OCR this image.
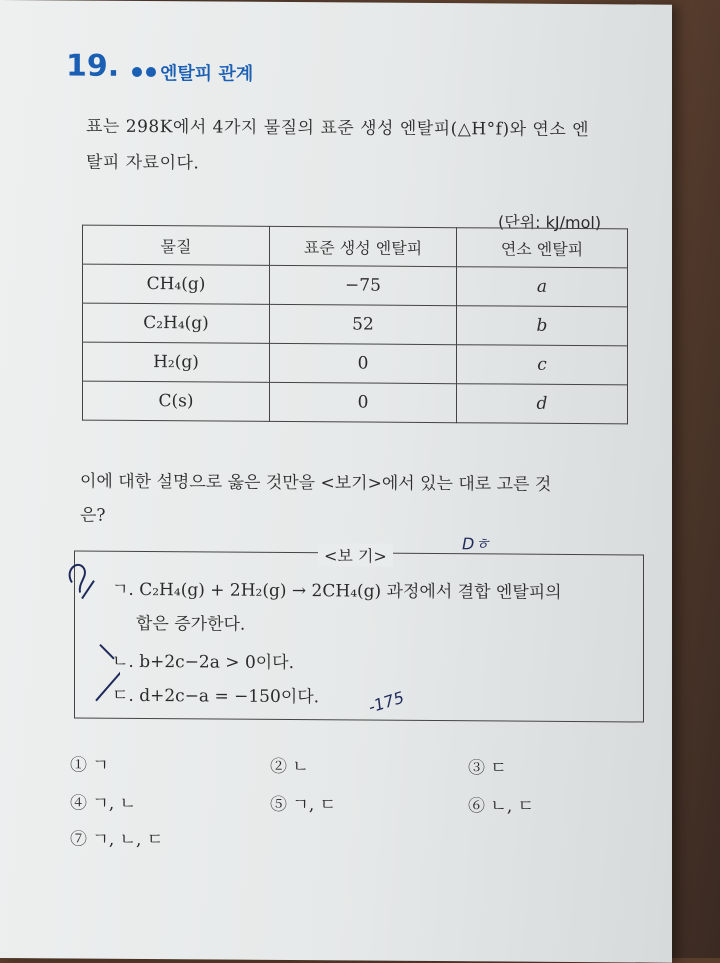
19. 엔탈피 관계
표는 298K에서 4가지 물질의 표준 생성 엔탈피(△H°f)와 연소 엔
탈피 자료이다.
(단위: kJ/mol)
물질	표준 생성 엔탈피	연소 엔탈피
CH₄(g)	−75	a
C₂H₄(g)	52	b
H₂(g)	0	c
C(s)	0	d
이에 대한 설명으로 옳은 것만을 <보기>에서 있는 대로 고른 것
은?
<보 기>
ㄱ. C₂H₄(g) + 2H₂(g) → 2CH₄(g) 과정에서 결합 엔탈피의
합은 증가한다.
ㄴ. b+2c−2a > 0이다.
ㄷ. d+2c−a = −150이다.
Dㅎ
-175
① ㄱ	② ㄴ	③ ㄷ
④ ㄱ, ㄴ	⑤ ㄱ, ㄷ	⑥ ㄴ, ㄷ
⑦ ㄱ, ㄴ, ㄷ
